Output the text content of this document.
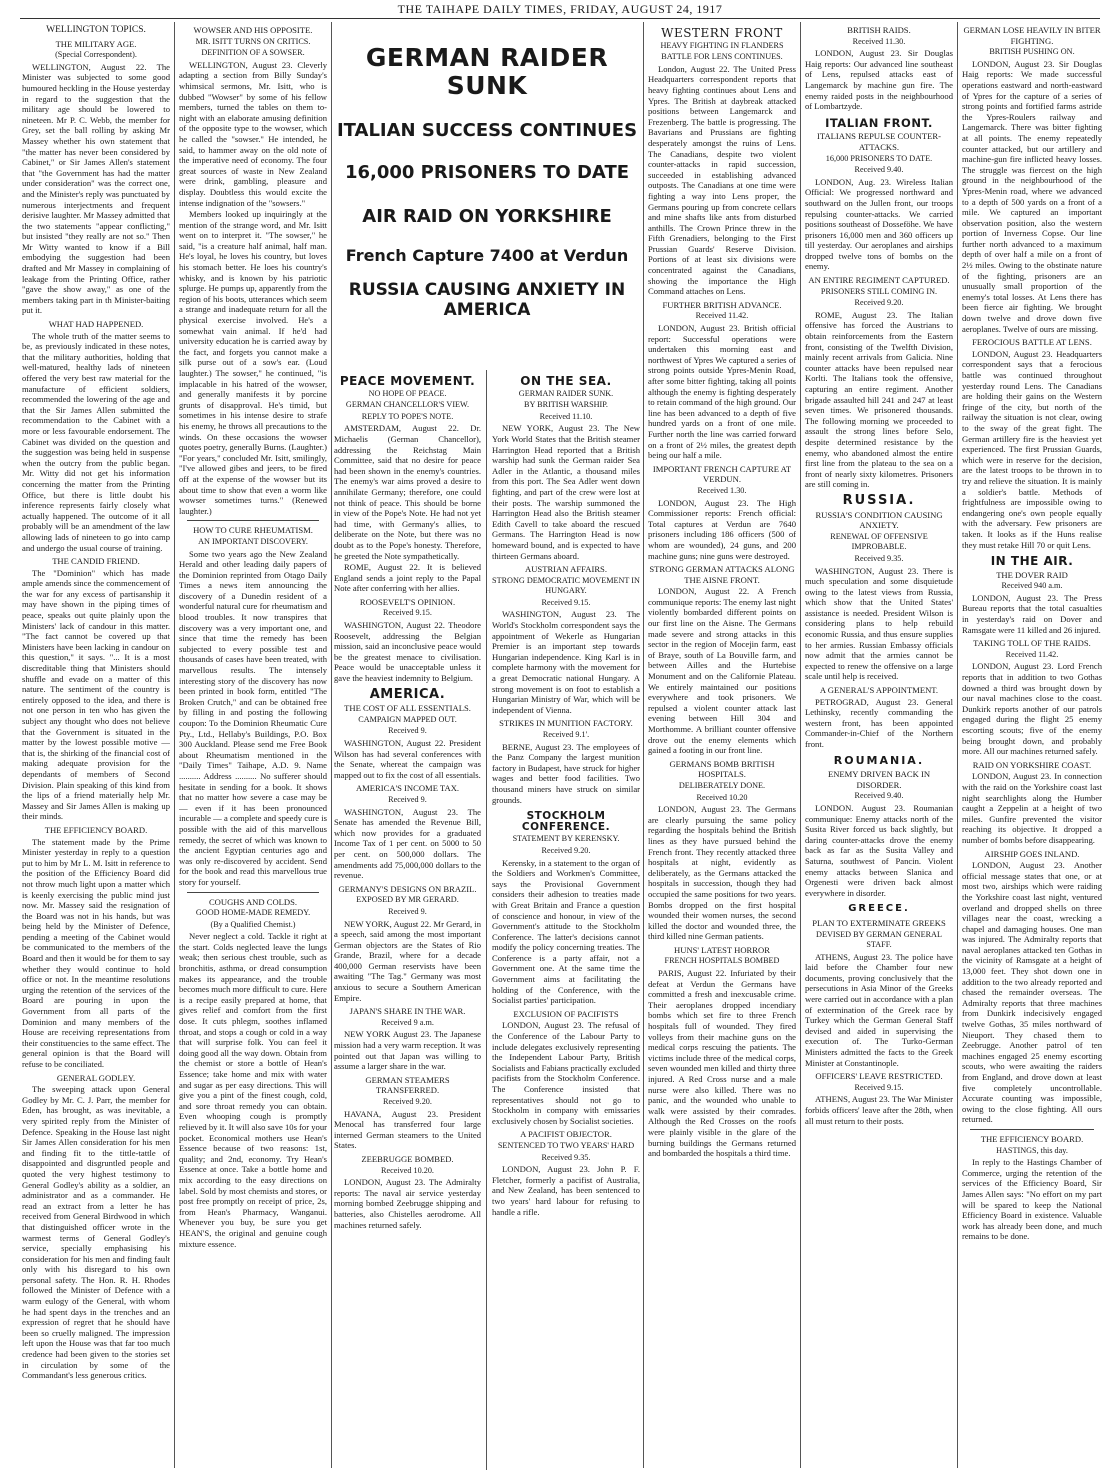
THE TAIHAPE DAILY TIMES, FRIDAY, AUGUST 24, 1917
WELLINGTON TOPICS.
THE MILITARY AGE.
(Special Correspondent).

WELLINGTON, August 22. The Minister was subjected to some good humoured heckling in the House yesterday in regard to the suggestion that the military age should be lowered to nineteen. Mr P. C. Webb, the member for Grey, set the ball rolling by asking Mr Massey whether his own statement that "the matter has never been considered by Cabinet," or Sir James Allen's statement that "the Government has had the matter under consideration" was the correct one, and the Minister's reply was punctuated by numerous interjectments and frequent derisive laughter. Mr Massey admitted that the two statements "appear conflicting," but insisted "they really are not so." Then Mr Witty wanted to know if a Bill embodying the suggestion had been drafted and Mr Massey in complaining of leakage from the Printing Office, rather "gave the show away," as one of the members taking part in th Minister-baiting put it.

WHAT HAD HAPPENED.

The whole truth of the matter seems to be, as previously indicated in these notes, that the military authorities, holding that well-matured, healthy lads of nineteen offered the very best raw material for the manufacture of efficient soldiers, recommended the lowering of the age and that the Sir James Allen submitted the recommendation to the Cabinet with a more or less favourable endorsement. The Cabinet was divided on the question and the suggestion was being held in suspense when the outcry from the public began. Mr. Witty did not get his information concerning the matter from the Printing Office, but there is little doubt his inference represents fairly closely what actually happened. The outcome of it all probably will be an amendment of the law allowing lads of nineteen to go into camp and undergo the usual course of training.

THE CANDID FRIEND.

The "Dominion" which has made ample amends since the commencement of the war for any excess of partisanship it may have shown in the piping times of peace, speaks out quite plainly upon the Ministers' lack of candour in this matter. "The fact cannot be covered up that Ministers have been lacking in candour on this question," it says. "... It is a most discreditable thing that Ministers should shuffle and evade on a matter of this nature. The sentiment of the country is entirely opposed to the idea, and there is not one person in ten who has given the subject any thought who does not believe that the Government is situated in the matter by the lowest possible motive — that is, the shirking of the financial cost of making adequate provision for the dependants of members of Second Division. Plain speaking of this kind from the lips of a friend materially help Mr. Massey and Sir James Allen is making up their minds.

THE EFFICIENCY BOARD.

The statement made by the Prime Minister yesterday in reply to a question put to him by Mr L. M. Isitt in reference to the position of the Efficiency Board did not throw much light upon a matter which is keenly exercising the public mind just now. Mr. Massey said the resignation of the Board was not in his hands, but was being held by the Minister of Defence, pending a meeting of the Cabinet would be communicated to the members of the Board and then it would be for them to say whether they would continue to hold office or not. In the meantime resolutions urging the retention of the services of the Board are pouring in upon the Government from all parts of the Dominion and many members of the House are receiving representations from their constituencies to the same effect. The general opinion is that the Board will refuse to be conciliated.

GENERAL GODLEY.

The sweeping attack upon General Godley by Mr. C. J. Parr, the member for Eden, has brought, as was inevitable, a very spirited reply from the Minister of Defence. Speaking in the House last night Sir James Allen consideration for his men and finding fit to the tittle-tattle of disappointed and disgruntled people and quoted the very highest testimony to General Godley's ability as a soldier, an administrator and as a commander. He read an extract from a letter he has received from General Birdwood in which that distinguished officer wrote in the warmest terms of General Godley's service, specially emphasising his consideration for his men and finding fault only with his disregard to his own personal safety. The Hon. R. H. Rhodes followed the Minister of Defence with a warm eulogy of the General, with whom he had spent days in the trenches and an expression of regret that he should have been so cruelly maligned. The impression left upon the House was that far too much credence had been given to the stories set in circulation by some of the Commandant's less generous critics.

WOWSER AND HIS OPPOSITE.
MR. ISITT TURNS ON CRITICS.
DEFINITION OF A SOWSER.

WELLINGTON, August 23. Cleverly adapting a section from Billy Sunday's whimsical sermons, Mr. Isitt, who is dubbed "Wowser" by some of his fellow members, turned the tables on them to-night with an elaborate amusing definition of the opposite type to the wowser, which he called the "sowser." He intended, he said, to hammer away on the old note of the imperative need of economy. The four great sources of waste in New Zealand were drink, gambling, pleasure and display. Doubtless this would excite the intense indignation of the "sowsers."

Members looked up inquiringly at the mention of the strange word, and Mr. Isitt went on to interpret it. "The sowser," he said, "is a creature half animal, half man. He's loyal, he loves his country, but loves his stomach better. He loes his country's whisky, and is known by his patriotic splurge. He pumps up, apparently from the region of his boots, utterances which seem a strange and inadequate return for all the physical exercise involved. He's a somewhat vain animal. If he'd had university education he is carried away by the fact, and forgets you cannot make a silk purse out of a sow's ear. (Loud laughter.) The sowser," he continued, "is implacable in his hatred of the wowser, and generally manifests it by porcine grunts of disapproval. He's timid, but sometimes in his intense desire to strafe his enemy, he throws all precautions to the winds. On these occasions the wowser quotes poetry, generally Burns. (Laughter.) "For years," concluded Mr. Isitt, smilingly, "I've allowed gibes and jeers, to be fired off at the expense of the wowser but its about time to show that even a worm like wowser sometimes turns." (Renewed laughter.)

HOW TO CURE RHEUMATISM.
AN IMPORTANT DISCOVERY.

Some two years ago the New Zealand Herald and other leading daily papers of the Dominion reprinted from Otago Daily Times a news item announcing the discovery of a Dunedin resident of a wonderful natural cure for rheumatism and blood troubles. It now transpires that discovery was a very important one, and since that time the remedy has been subjected to every possible test and thousands of cases have been treated, with marvellous results. The intensely interesting story of the discovery has now been printed in book form, entitled "The Broken Crutch," and can be obtained free by filling in and posting the following coupon: To the Dominion Rheumatic Cure Pty., Ltd., Hellaby's Buildings, P.O. Box 300 Auckland. Please send me Free Book about Rheumatism mentioned in the "Daily Times" Taihape, A.D. 9. Name .......... Address .......... No sufferer should hesitate in sending for a book. It shows that no matter how severe a case may be — even if it has been pronounced incurable — a complete and speedy cure is possible with the aid of this marvellous remedy, the secret of which was known to the ancient Egyptian centuries ago and was only re-discovered by accident. Send for the book and read this marvellous true story for yourself.

COUGHS AND COLDS.
GOOD HOME-MADE REMEDY.
(By a Qualified Chemist.)

Never neglect a cold. Tackle it right at the start. Colds neglected leave the lungs weak; then serious chest trouble, such as bronchitis, asthma, or dread consumption makes its appearance, and the trouble becomes much more difficult to cure. Here is a recipe easily prepared at home, that gives relief and comfort from the first dose. It cuts phlegm, soothes inflamed throat, and stops a cough or cold in a way that will surprise folk. You can feel it doing good all the way down. Obtain from the chemist or store a bottle of Hean's Essence; take home and mix with water and sugar as per easy directions. This will give you a pint of the finest cough, cold, and sore throat remedy you can obtain. Even whooping cough is promptly relieved by it. It will also save 10s for your pocket. Economical mothers use Hean's Essence because of two reasons: 1st, quality; and 2nd, economy. Try Hean's Essence at once. Take a bottle home and mix according to the easy directions on label. Sold by most chemists and stores, or post free promptly on receipt of price, 2s, from Hean's Pharmacy, Wanganui. Whenever you buy, be sure you get HEAN'S, the original and genuine cough mixture essence.

GERMAN RAIDER SUNK
ITALIAN SUCCESS CONTINUES
16,000 PRISONERS TO DATE
AIR RAID ON YORKSHIRE
French Capture 7400 at Verdun
RUSSIA CAUSING ANXIETY IN AMERICA
PEACE MOVEMENT.
NO HOPE OF PEACE.
GERMAN CHANCELLOR'S VIEW.
REPLY TO POPE'S NOTE.

AMSTERDAM, August 22. Dr. Michaelis (German Chancellor), addressing the Reichstag Main Committee, said that no desire for peace had been shown in the enemy's countries. The enemy's war aims proved a desire to annihilate Germany; therefore, one could not think of peace. This should be borne in view of the Pope's Note. He had not yet had time, with Germany's allies, to deliberate on the Note, but there was no doubt as to the Pope's honesty. Therefore, he greeted the Note sympathetically.

ROME, August 22. It is believed England sends a joint reply to the Papal Note after conferring with her allies.

ROOSEVELT'S OPINION.
Received 9.15.

WASHINGTON, August 22. Theodore Roosevelt, addressing the Belgian mission, said an inconclusive peace would be the greatest menace to civilisation. Peace would be unacceptable unless it gave the heaviest indemnity to Belgium.

AMERICA.
THE COST OF ALL ESSENTIALS.
CAMPAIGN MAPPED OUT.
Received 9.

WASHINGTON, August 22. President Wilson has had several conferences with the Senate, whereat the campaign was mapped out to fix the cost of all essentials.

AMERICA'S INCOME TAX.
Received 9.

WASHINGTON, August 23. The Senate has amended the Revenue Bill, which now provides for a graduated Income Tax of 1 per cent. on 5000 to 50 per cent. on 500,000 dollars. The amendments add 75,000,000 dollars to the revenue.

GERMANY'S DESIGNS ON BRAZIL.
EXPOSED BY MR GERARD.
Received 9.

NEW YORK, August 22. Mr Gerard, in a speech, said among the most important German objectors are the States of Rio Grande, Brazil, where for a decade 400,000 German reservists have been awaiting "The Tag." Germany was most anxious to secure a Southern American Empire.

JAPAN'S SHARE IN THE WAR.
Received 9 a.m.

NEW YORK August 23. The Japanese mission had a very warm reception. It was pointed out that Japan was willing to assume a larger share in the war.

GERMAN STEAMERS TRANSFERRED.
Received 9.20.

HAVANA, August 23. President Menocal has transferred four large interned German steamers to the United States.

ZEEBRUGGE BOMBED.
Received 10.20.

LONDON, August 23. The Admiralty reports: The naval air service yesterday morning bombed Zeebrugge shipping and batteries, also Chistelles aerodrome. All machines returned safely.

ON THE SEA.
GERMAN RAIDER SUNK.
BY BRITISH WARSHIP.
Received 11.10.

NEW YORK, August 23. The New York World States that the British steamer Harrington Head reported that a British warship had sunk the German raider Sea Adler in the Atlantic, a thousand miles from this port. The Sea Adler went down fighting, and part of the crew were lost at their posts. The warship summoned the Harrington Head also the British steamer Edith Cavell to take aboard the rescued Germans. The Harrington Head is now homeward bound, and is expected to have thirteen Germans aboard.

AUSTRIAN AFFAIRS.
STRONG DEMOCRATIC MOVEMENT IN HUNGARY.
Received 9.15.

WASHINGTON, August 23. The World's Stockholm correspondent says the appointment of Wekerle as Hungarian Premier is an important step towards Hungarian independence. King Karl is in complete harmony with the movement for a great Democratic national Hungary. A strong movement is on foot to establish a Hungarian Ministry of War, which will be independent of Vienna.

STRIKES IN MUNITION FACTORY.
Received 9.1'.

BERNE, August 23. The employees of the Panz Company the largest munition factory in Budapest, have struck for higher wages and better food facilities. Two thousand miners have struck on similar grounds.

STOCKHOLM CONFERENCE.
STATEMENT BY KERENSKY.
Received 9.20.

Kerensky, in a statement to the organ of the Soldiers and Workmen's Committee, says the Provisional Government considers their adhesion to treaties made with Great Britain and France a question of conscience and honour, in view of the Government's attitude to the Stockholm Conference. The latter's decisions cannot modify the policy concerning treaties. The Conference is a party affair, not a Government one. At the same time the Government aims at facilitating the holding of the Conference, with the Socialist parties' participation.

EXCLUSION OF PACIFISTS

LONDON, August 23. The refusal of the Conference of the Labour Party to include delegates exclusively representing the Independent Labour Party, British Socialists and Fabians practically excluded pacifists from the Stockholm Conference. The Conference insisted that representatives should not go to Stockholm in company with emissaries exclusively chosen by Socialist societies.

A PACIFIST OBJECTOR.
SENTENCED TO TWO YEARS' HARD
Received 9.35.

LONDON, August 23. John P. F. Fletcher, formerly a pacifist of Australia, and New Zealand, has been sentenced to two years' hard labour for refusing to handle a rifle.

WESTERN FRONT
HEAVY FIGHTING IN FLANDERS
BATTLE FOR LENS CONTINUES.

London, August 22. The United Press Headquarters correspondent reports that heavy fighting continues about Lens and Ypres. The British at daybreak attacked positions between Langemarck and Frezenberg. The battle is progressing. The Bavarians and Prussians are fighting desperately amongst the ruins of Lens. The Canadians, despite two violent counter-attacks in rapid succession, succeeded in establishing advanced outposts. The Canadians at one time were fighting a way into Lens proper, the Germans pouring up from concrete cellars and mine shafts like ants from disturbed anthills. The Crown Prince threw in the Fifth Grenadiers, belonging to the First Prussian Guards' Reserve Division. Portions of at least six divisions were concentrated against the Canadians, showing the importance the High Command attaches on Lens.

FURTHER BRITISH ADVANCE.
Received 11.42.

LONDON, August 23. British official report: Successful operations were undertaken this morning east and northwest of Ypres We captured a series of strong points outside Ypres-Menin Road, after some bitter fighting, taking all points although the enemy is fighting desperately to retain command of the high ground. Our line has been advanced to a depth of five hundred yards on a front of one mile. Further north the line was carried forward on a front of 2½ miles, the greatest depth being our half a mile.

IMPORTANT FRENCH CAPTURE AT VERDUN.
Received 1.30.

LONDON, August 23. The High Commissioner reports: French official: Total captures at Verdun are 7640 prisoners including 186 officers (500 of whom are wounded), 24 guns, and 200 machine guns; nine guns were destroyed.

STRONG GERMAN ATTACKS ALONG THE AISNE FRONT.

LONDON, August 22. A French communique reports: The enemy last night violently bombarded different points on our first line on the Aisne. The Germans made severe and strong attacks in this sector in the region of Mocejin farm, east of Braye, south of La Bouville farm, and between Ailles and the Hurtebise Monument and on the Californie Plateau. We entirely maintained our positions everywhere and took prisoners. We repulsed a violent counter attack last evening between Hill 304 and Morthomme. A brilliant counter offensive drove out the enemy elements which gained a footing in our front line.

GERMANS BOMB BRITISH HOSPITALS.
DELIBERATELY DONE.
Received 10.20

LONDON, August 23. The Germans are clearly pursuing the same policy regarding the hospitals behind the British lines as they have pursued behind the French front. They recently attacked three hospitals at night, evidently as deliberately, as the Germans attacked the hospitals in succession, though they had occupied the same positions for two years. Bombs dropped on the first hospital wounded their women nurses, the second killed the doctor and wounded three, the third killed nine German patients.

HUNS' LATEST HORROR
FRENCH HOSPITALS BOMBED

PARIS, August 22. Infuriated by their defeat at Verdun the Germans have committed a fresh and inexcusable crime. Their aeroplanes dropped incendiary bombs which set fire to three French hospitals full of wounded. They fired volleys from their machine guns on the medical corps rescuing the patients. The victims include three of the medical corps, seven wounded men killed and thirty three injured. A Red Cross nurse and a male nurse were also killed. There was no panic, and the wounded who unable to walk were assisted by their comrades. Although the Red Crosses on the roofs were plainly visible in the glare of the burning buildings the Germans returned and bombarded the hospitals a third time.

BRITISH RAIDS.
Received 11.30.

LONDON, August 23. Sir Douglas Haig reports: Our advanced line southeast of Lens, repulsed attacks east of Langemarck by machine gun fire. The enemy raided posts in the neighbourhood of Lombartzyde.

ITALIAN FRONT.
ITALIANS REPULSE COUNTER-ATTACKS.
16,000 PRISONERS TO DATE.
Received 9.40.

LONDON, Aug. 23. Wireless Italian Official: We progressed northward and southward on the Jullen front, our troops repulsing counter-attacks. We carried positions southeast of Dosseföhe. We have prisoners 16,000 men and 360 officers up till yesterday. Our aeroplanes and airships dropped twelve tons of bombs on the enemy.

AN ENTIRE REGIMENT CAPTURED.
PRISONERS STILL COMING IN.
Received 9.20.

ROME, August 23. The Italian offensive has forced the Austrians to obtain reinforcements from the Eastern front, consisting of the Twelfth Division, mainly recent arrivals from Galicia. Nine counter attacks have been repulsed near Korlti. The Italians took the offensive, capturing an entire regiment. Another brigade assaulted hill 241 and 247 at least seven times. We prisonered thousands. The following morning we proceeded to assault the strong lines before Selo, despite determined resistance by the enemy, who abandoned almost the entire first line from the plateau to the sea on a front of nearly sixty kilometres. Prisoners are still coming in.

RUSSIA.
RUSSIA'S CONDITION CAUSING ANXIETY.
RENEWAL OF OFFENSIVE IMPROBABLE.
Received 9.35.

WASHINGTON, August 23. There is much speculation and some disquietude owing to the latest views from Russia, which show that the United States' assistance is needed. President Wilson is considering plans to help rebuild economic Russia, and thus ensure supplies to her armies. Russian Embassy officials now admit that the armies cannot be expected to renew the offensive on a large scale until help is received.

A GENERAL'S APPOINTMENT.

PETROGRAD, August 23. General Lethinsky, recently commanding the western front, has been appointed Commander-in-Chief of the Northern front.

ROUMANIA.
ENEMY DRIVEN BACK IN DISORDER.
Received 9.40.

LONDON. August 23. Roumanian communique: Enemy attacks north of the Susita River forced us back slightly, but daring counter-attacks drove the enemy back as far as the Susita Valley and Saturna, southwest of Pancin. Violent enemy attacks between Slanica and Orgenesti were driven back almost everywhere in disorder.

GREECE.
PLAN TO EXTERMINATE GREEKS
DEVISED BY GERMAN GENERAL STAFF.

ATHENS, August 23. The police have laid before the Chamber four new documents, proving conclusively that the persecutions in Asia Minor of the Greeks were carried out in accordance with a plan of extermination of the Greek race by Turkey which the German General Staff devised and aided in supervising the execution of. The Turko-German Ministers admitted the facts to the Greek Minister at Constantinople.

OFFICERS' LEAVE RESTRICTED.
Received 9.15.

ATHENS, August 23. The War Minister forbids officers' leave after the 28th, when all must return to their posts.

GERMAN LOSE HEAVILY IN BITER FIGHTING.
BRITISH PUSHING ON.

LONDON, August 23. Sir Douglas Haig reports: We made successful operations eastward and north-eastward of Ypres for the capture of a series of strong points and fortified farms astride the Ypres-Roulers railway and Langemarck. There was bitter fighting at all points. The enemy repeatedly counter attacked, but our artillery and machine-gun fire inflicted heavy losses. The struggle was fiercest on the high ground in the neighbourhood of the Ypres-Menin road, where we advanced to a depth of 500 yards on a front of a mile. We captured an important observation position, also the western portion of Inverness Copse. Our line further north advanced to a maximum depth of over half a mile on a front of 2½ miles. Owing to the obstinate nature of the fighting, prisoners are an unusually small proportion of the enemy's total losses. At Lens there has been fierce air fighting. We brought down twelve and drove down five aeroplanes. Twelve of ours are missing.

FEROCIOUS BATTLE AT LENS.

LONDON, August 23. Headquarters correspondent says that a ferocious battle was continued throughout yesterday round Lens. The Canadians are holding their gains on the Western fringe of the city, but north of the railway the situation is not clear, owing to the sway of the great fight. The German artillery fire is the heaviest yet experienced. The first Prussian Guards, which were in reserve for the decision, are the latest troops to be thrown in to try and relieve the situation. It is mainly a soldier's battle. Methods of frightfulness are impossible owing to endangering one's own people equally with the adversary. Few prisoners are taken. It looks as if the Huns realise they must retake Hill 70 or quit Lens.

IN THE AIR.
THE DOVER RAID
Received 940 a.m.

LONDON, August 23. The Press Bureau reports that the total casualties in yesterday's raid on Dover and Ramsgate were 11 killed and 26 injured.

TAKING TOLL OF THE RAIDS.
Received 11.42.

LONDON, August 23. Lord French reports that in addition to two Gothas downed a third was brought down by our naval machines close to the coast. Dunkirk reports another of our patrols engaged during the flight 25 enemy escorting scouts; five of the enemy being brought down, and probably more. All our machines returned safely.

RAID ON YORKSHIRE COAST.

LONDON, August 23. In connection with the raid on the Yorkshire coast last night searchlights along the Humber caught a Zeppelin at a height of two miles. Gunfire prevented the visitor reaching its objective. It dropped a number of bombs before disappearing.

AIRSHIP GOES INLAND.

LONDON, August 23. Another official message states that one, or at most two, airships which were raiding the Yorkshire coast last night, ventured overland and dropped shells on three villages near the coast, wrecking a chapel and damaging houses. One man was injured. The Admiralty reports that naval aeroplanes attacked ten Gothas in the vicinity of Ramsgate at a height of 13,000 feet. They shot down one in addition to the two already reported and chased the remainder overseas. The Admiralty reports that three machines from Dunkirk indecisively engaged twelve Gothas, 35 miles northward of Nieuport. They chased them to Zeebrugge. Another patrol of ten machines engaged 25 enemy escorting scouts, who were awaiting the raiders from England, and drove down at least five completely uncontrollable. Accurate counting was impossible, owing to the close fighting. All ours returned.

THE EFFICIENCY BOARD.
HASTINGS, this day.

In reply to the Hastings Chamber of Commerce, urging the retention of the services of the Efficiency Board, Sir James Allen says: "No effort on my part will be spared to keep the National Efficiency Board in existence. Valuable work has already been done, and much remains to be done.
